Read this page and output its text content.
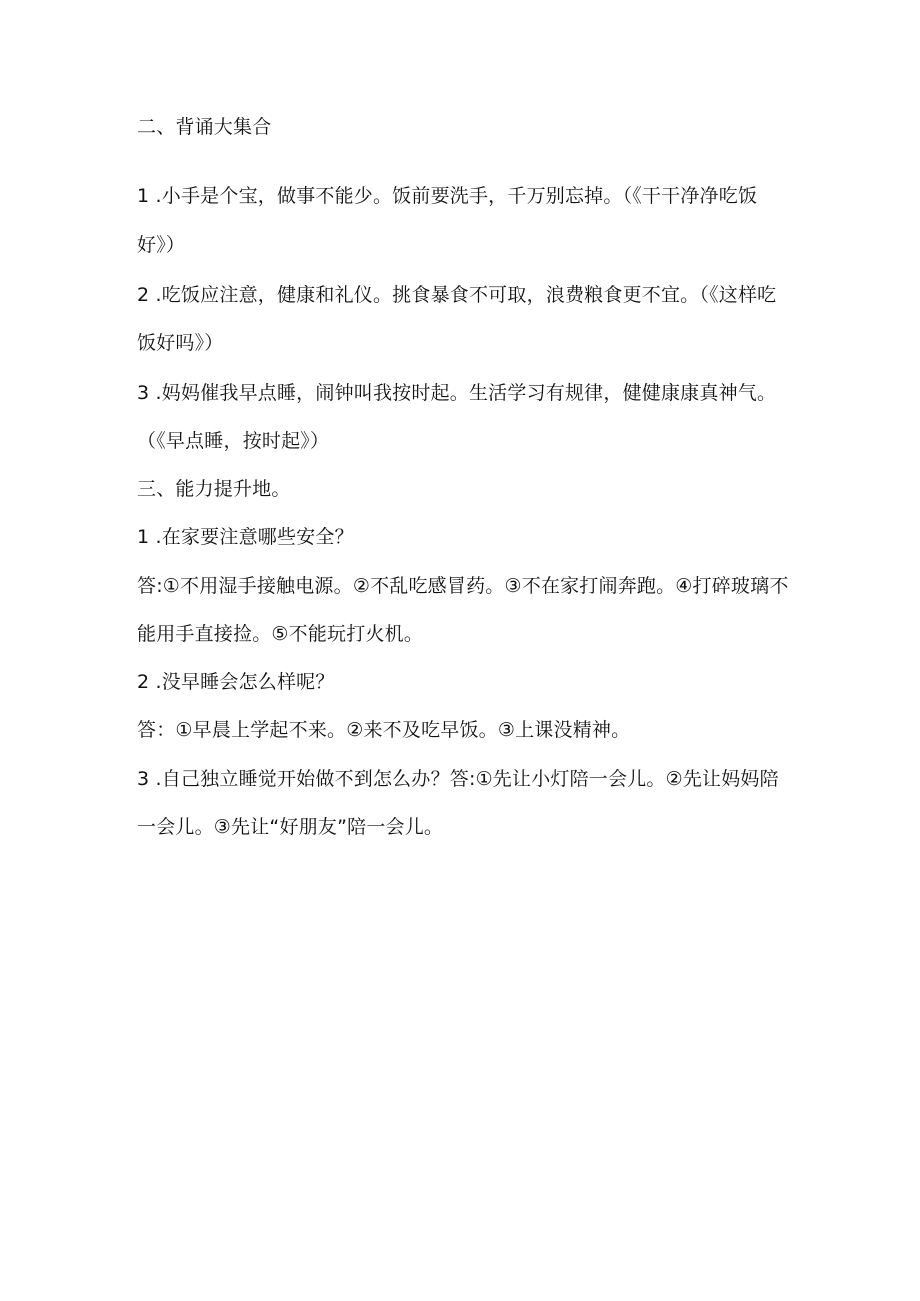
二、背诵大集合
1 .小手是个宝，做事不能少。饭前要洗手，千万别忘掉。（《干干净净吃饭
好》）
2 .吃饭应注意，健康和礼仪。挑食暴食不可取，浪费粮食更不宜。（《这样吃
饭好吗》）
3 .妈妈催我早点睡，闹钟叫我按时起。生活学习有规律，健健康康真神气。
（《早点睡，按时起》）
三、能力提升地。
1 .在家要注意哪些安全？
答:①不用湿手接触电源。②不乱吃感冒药。③不在家打闹奔跑。④打碎玻璃不
能用手直接捡。⑤不能玩打火机。
2 .没早睡会怎么样呢？
答：①早晨上学起不来。②来不及吃早饭。③上课没精神。
3 .自己独立睡觉开始做不到怎么办？答:①先让小灯陪一会儿。②先让妈妈陪
一会儿。③先让“好朋友”陪一会儿。
